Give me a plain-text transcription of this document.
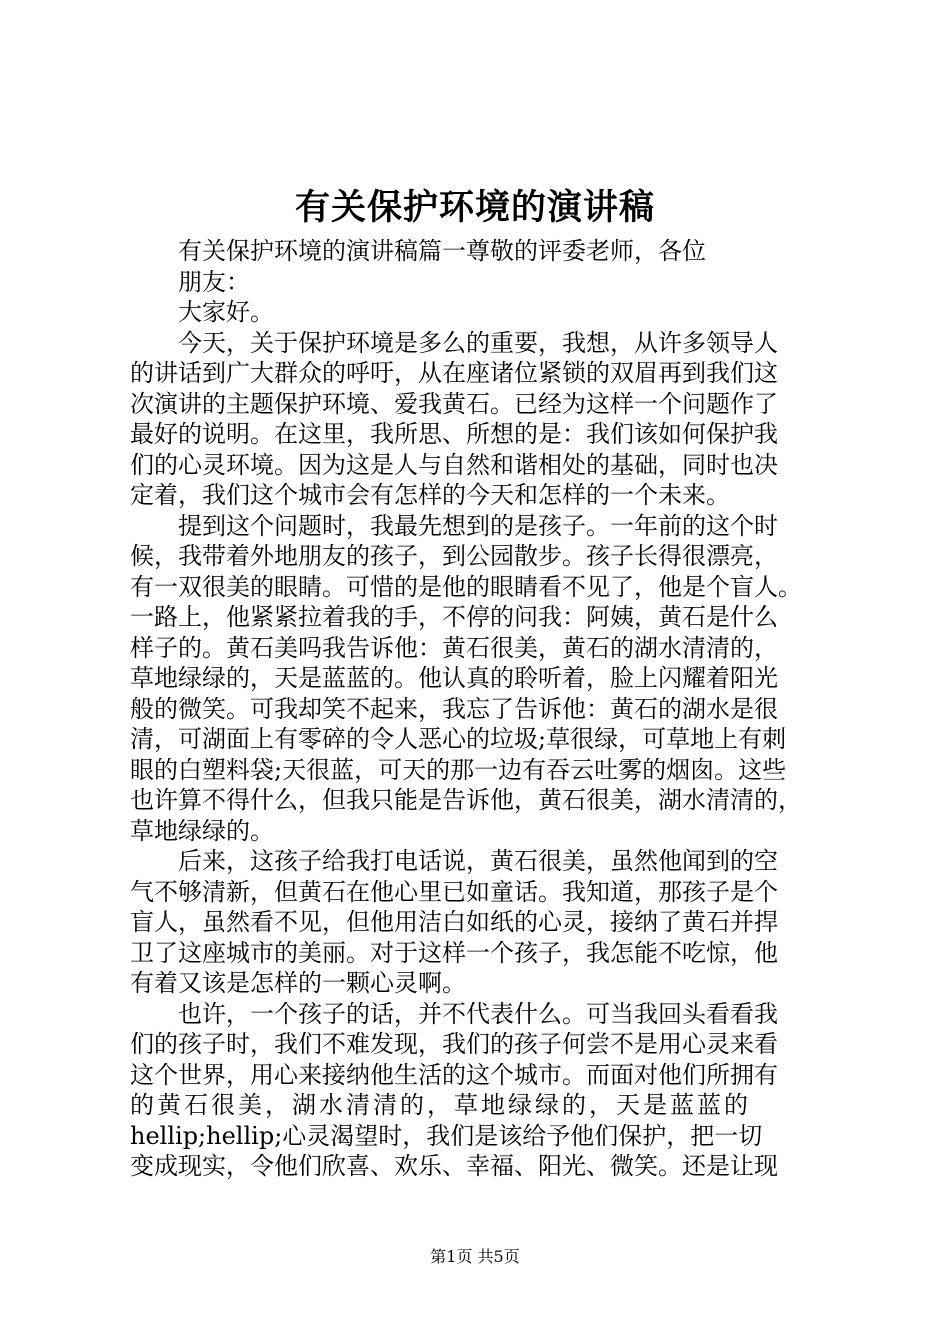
有关保护环境的演讲稿
有关保护环境的演讲稿篇一尊敬的评委老师，各位
朋友：
大家好。
今天，关于保护环境是多么的重要，我想，从许多领导人
的讲话到广大群众的呼吁，从在座诸位紧锁的双眉再到我们这
次演讲的主题保护环境、爱我黄石。已经为这样一个问题作了
最好的说明。在这里，我所思、所想的是：我们该如何保护我
们的心灵环境。因为这是人与自然和谐相处的基础，同时也决
定着，我们这个城市会有怎样的今天和怎样的一个未来。
提到这个问题时，我最先想到的是孩子。一年前的这个时
候，我带着外地朋友的孩子，到公园散步。孩子长得很漂亮，
有一双很美的眼睛。可惜的是他的眼睛看不见了，他是个盲人。
一路上，他紧紧拉着我的手，不停的问我：阿姨，黄石是什么
样子的。黄石美吗我告诉他：黄石很美，黄石的湖水清清的，
草地绿绿的，天是蓝蓝的。他认真的聆听着，脸上闪耀着阳光
般的微笑。可我却笑不起来，我忘了告诉他：黄石的湖水是很
清，可湖面上有零碎的令人恶心的垃圾;草很绿，可草地上有刺
眼的白塑料袋;天很蓝，可天的那一边有吞云吐雾的烟囱。这些
也许算不得什么，但我只能是告诉他，黄石很美，湖水清清的，
草地绿绿的。
后来，这孩子给我打电话说，黄石很美，虽然他闻到的空
气不够清新，但黄石在他心里已如童话。我知道，那孩子是个
盲人，虽然看不见，但他用洁白如纸的心灵，接纳了黄石并捍
卫了这座城市的美丽。对于这样一个孩子，我怎能不吃惊，他
有着又该是怎样的一颗心灵啊。
也许，一个孩子的话，并不代表什么。可当我回头看看我
们的孩子时，我们不难发现，我们的孩子何尝不是用心灵来看
这个世界，用心来接纳他生活的这个城市。而面对他们所拥有
的黄石很美，湖水清清的，草地绿绿的，天是蓝蓝的
hellip;hellip;心灵渴望时，我们是该给予他们保护，把一切
变成现实，令他们欣喜、欢乐、幸福、阳光、微笑。还是让现
第1页 共5页
